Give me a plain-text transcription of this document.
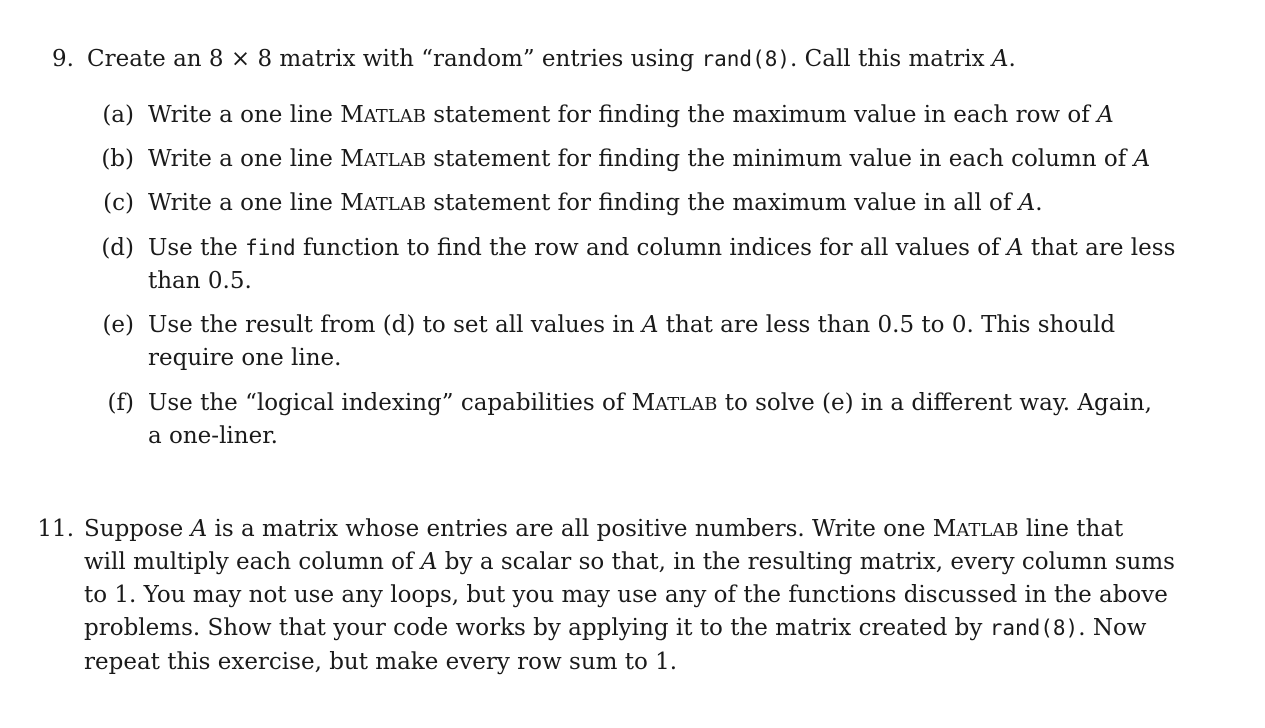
9. Create an 8 × 8 matrix with “random” entries using rand(8). Call this matrix A.
(a) Write a one line MATLAB statement for finding the maximum value in each row of A
(b) Write a one line MATLAB statement for finding the minimum value in each column of A
(c) Write a one line MATLAB statement for finding the maximum value in all of A.
(d) Use the find function to find the row and column indices for all values of A that are less
than 0.5.
(e) Use the result from (d) to set all values in A that are less than 0.5 to 0. This should
require one line.
(f) Use the “logical indexing” capabilities of MATLAB to solve (e) in a different way. Again,
a one-liner.
11. Suppose A is a matrix whose entries are all positive numbers. Write one MATLAB line that
will multiply each column of A by a scalar so that, in the resulting matrix, every column sums
to 1. You may not use any loops, but you may use any of the functions discussed in the above
problems. Show that your code works by applying it to the matrix created by rand(8). Now
repeat this exercise, but make every row sum to 1.
